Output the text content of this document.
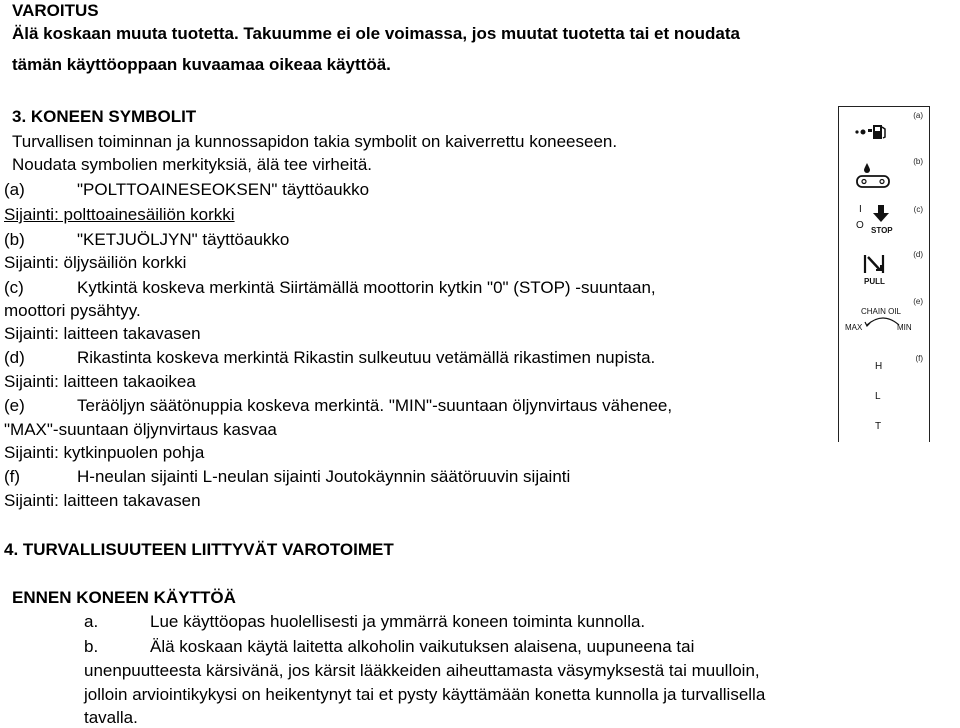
VAROITUS
Älä koskaan muuta tuotetta. Takuumme ei ole voimassa, jos muutat tuotetta tai et noudata
tämän käyttöoppaan kuvaamaa oikeaa käyttöä.
3. KONEEN SYMBOLIT
Turvallisen toiminnan ja kunnossapidon takia symbolit on kaiverrettu koneeseen.
Noudata symbolien merkityksiä, älä tee virheitä.
(a)	"POLTTOAINESEOKSEN" täyttöaukko
Sijainti: polttoainesäiliön korkki
(b)	"KETJUÖLJYN" täyttöaukko
Sijainti: öljysäiliön korkki
(c)	Kytkintä koskeva merkintä Siirtämällä moottorin kytkin "0" (STOP) -suuntaan,
moottori pysähtyy.
Sijainti: laitteen takavasen
(d)	Rikastinta koskeva merkintä Rikastin sulkeutuu vetämällä rikastimen nupista.
Sijainti: laitteen takaoikea
(e)	Teräöljyn säätönuppia koskeva merkintä. "MIN"-suuntaan öljynvirtaus vähenee,
"MAX"-suuntaan öljynvirtaus kasvaa
Sijainti: kytkinpuolen pohja
(f)	H-neulan sijainti L-neulan sijainti Joutokäynnin säätöruuvin sijainti
Sijainti: laitteen takavasen
(a)
(b)
(c)
(d)
(e)
(f)
I
O STOP
PULL
CHAIN OIL
MAX	MIN
H
L
T
4. TURVALLISUUTEEN LIITTYVÄT VAROTOIMET
ENNEN KONEEN KÄYTTÖÄ
a.	Lue käyttöopas huolellisesti ja ymmärrä koneen toiminta kunnolla.
b.	Älä koskaan käytä laitetta alkoholin vaikutuksen alaisena, uupuneena tai
unenpuutteesta kärsivänä, jos kärsit lääkkeiden aiheuttamasta väsymyksestä tai muulloin,
jolloin arviointikykysi on heikentynyt tai et pysty käyttämään konetta kunnolla ja turvallisella
tavalla.
